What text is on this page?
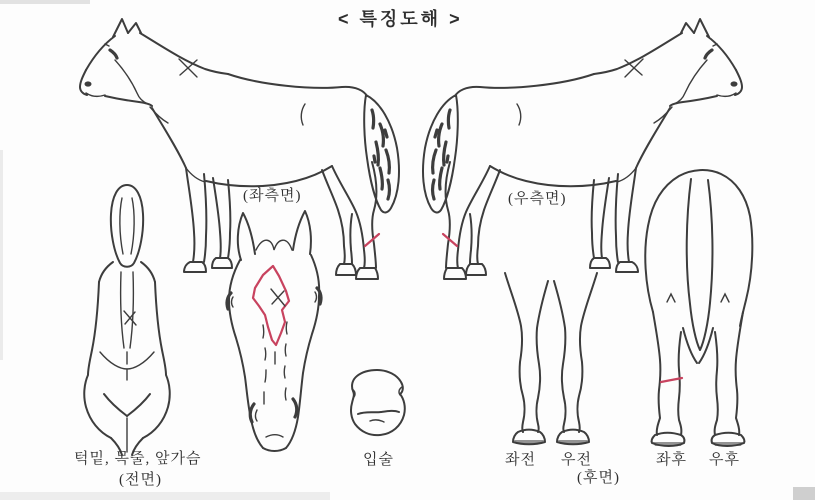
< 특징도해 >
(좌측면)	(우측면)
턱밑, 목줄, 앞가슴
(전면)
입술	좌전 우전	좌후 우후
(후면)
